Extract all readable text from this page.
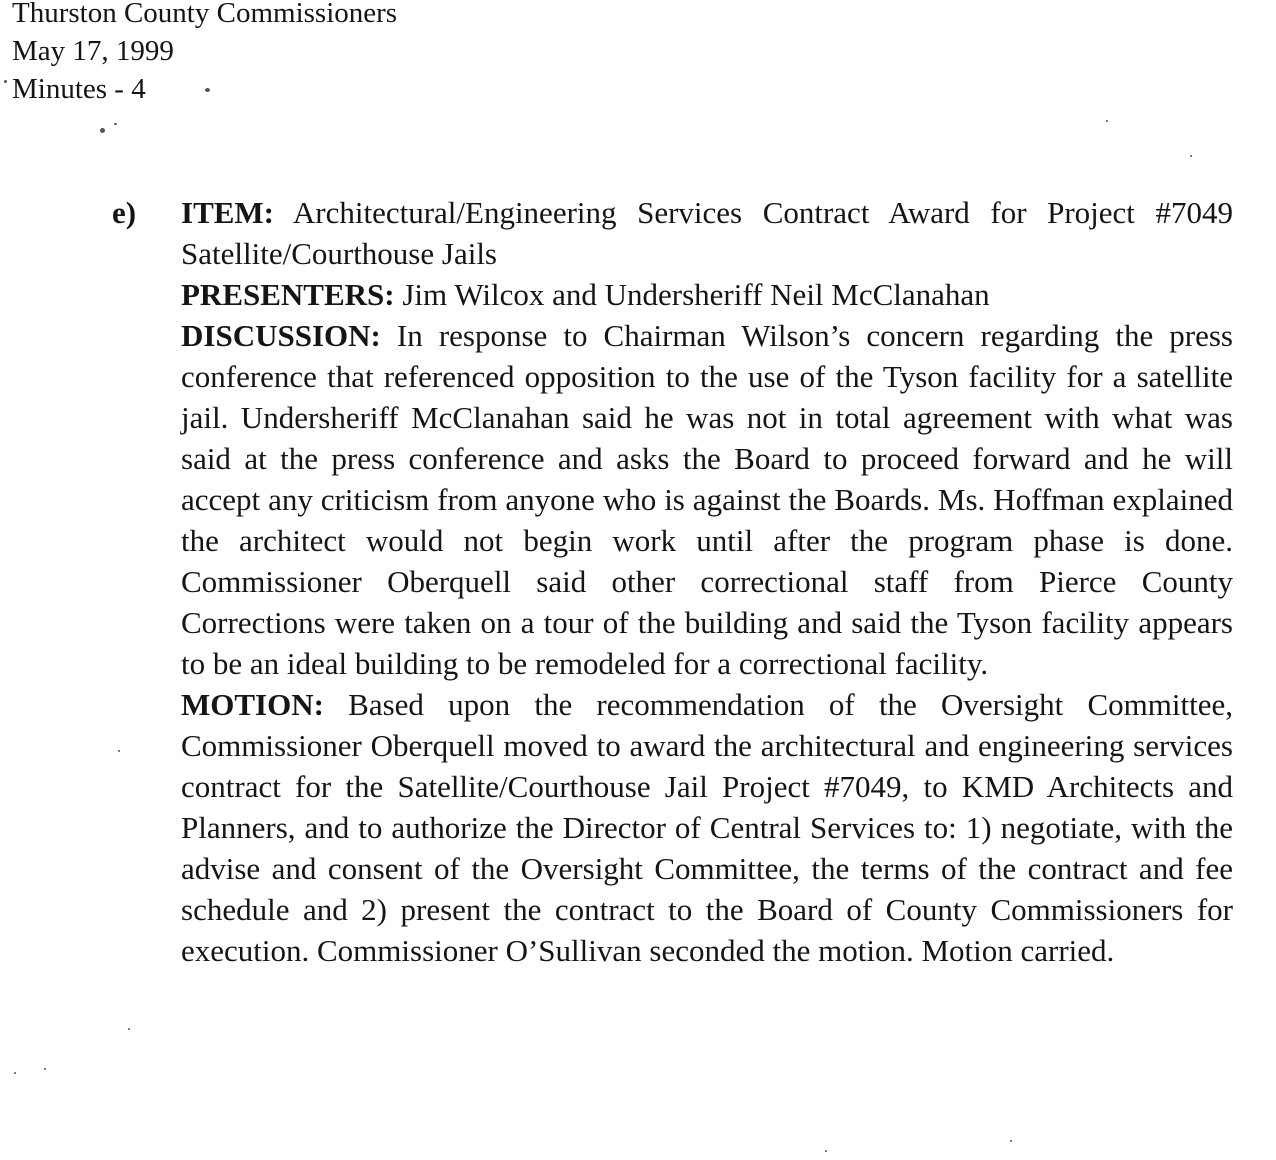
Thurston County Commissioners
May 17, 1999
Minutes - 4
e) ITEM: Architectural/Engineering Services Contract Award for Project #7049 Satellite/Courthouse Jails

PRESENTERS: Jim Wilcox and Undersheriff Neil McClanahan

DISCUSSION: In response to Chairman Wilson’s concern regarding the press conference that referenced opposition to the use of the Tyson facility for a satellite jail. Undersheriff McClanahan said he was not in total agreement with what was said at the press conference and asks the Board to proceed forward and he will accept any criticism from anyone who is against the Boards. Ms. Hoffman explained the architect would not begin work until after the program phase is done. Commissioner Oberquell said other correctional staff from Pierce County Corrections were taken on a tour of the building and said the Tyson facility appears to be an ideal building to be remodeled for a correctional facility.

MOTION: Based upon the recommendation of the Oversight Committee, Commissioner Oberquell moved to award the architectural and engineering services contract for the Satellite/Courthouse Jail Project #7049, to KMD Architects and Planners, and to authorize the Director of Central Services to: 1) negotiate, with the advise and consent of the Oversight Committee, the terms of the contract and fee schedule and 2) present the contract to the Board of County Commissioners for execution. Commissioner O’Sullivan seconded the motion. Motion carried.
